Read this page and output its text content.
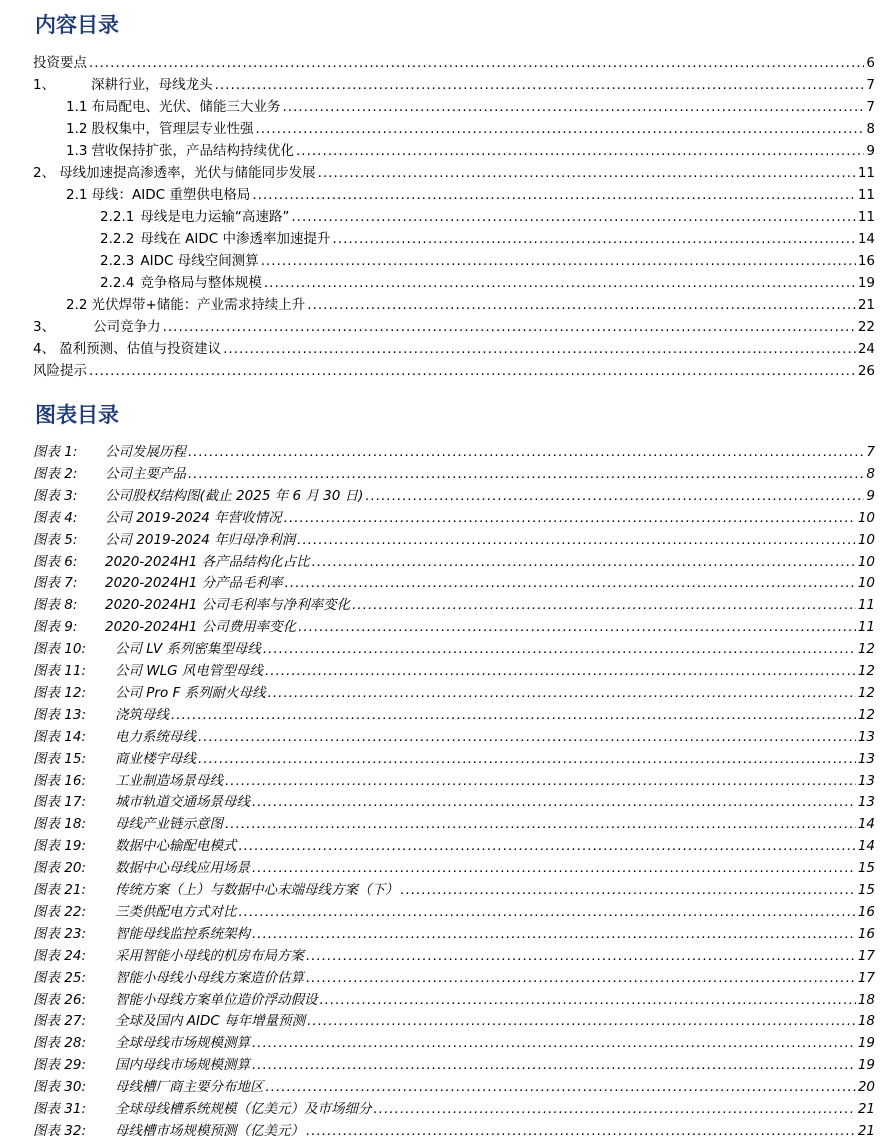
内容目录
投资要点 .....	6
1、	深耕行业，母线龙头 .....	7
1.1 布局配电、光伏、储能三大业务 .....	7
1.2 股权集中，管理层专业性强 .....	8
1.3 营收保持扩张，产品结构持续优化 .....	9
2、 母线加速提高渗透率，光伏与储能同步发展 .....	11
2.1 母线：AIDC 重塑供电格局 .....	11
2.2.1 母线是电力运输“高速路” .....	11
2.2.2 母线在 AIDC 中渗透率加速提升 .....	14
2.2.3 AIDC 母线空间测算 .....	16
2.2.4 竞争格局与整体规模 .....	19
2.2 光伏焊带+储能：产业需求持续上升 .....	21
3、	公司竞争力 .....	22
4、 盈利预测、估值与投资建议 .....	24
风险提示 .....	26
图表目录
图表 1:	公司发展历程 .....	7
图表 2:	公司主要产品 .....	8
图表 3:	公司股权结构图(截止 2025 年 6 月 30 日) .....	9
图表 4:	公司 2019-2024 年营收情况 .....	10
图表 5:	公司 2019-2024 年归母净利润 .....	10
图表 6:	2020-2024H1 各产品结构化占比 .....	10
图表 7:	2020-2024H1 分产品毛利率 .....	10
图表 8:	2020-2024H1 公司毛利率与净利率变化 .....	11
图表 9:	2020-2024H1 公司费用率变化 .....	11
图表 10:	公司 LV 系列密集型母线 .....	12
图表 11:	公司 WLG 风电管型母线 .....	12
图表 12:	公司 Pro F 系列耐火母线 .....	12
图表 13:	浇筑母线 .....	12
图表 14:	电力系统母线 .....	13
图表 15:	商业楼宇母线 .....	13
图表 16:	工业制造场景母线 .....	13
图表 17:	城市轨道交通场景母线 .....	13
图表 18:	母线产业链示意图 .....	14
图表 19:	数据中心输配电模式 .....	14
图表 20:	数据中心母线应用场景 .....	15
图表 21:	传统方案（上）与数据中心末端母线方案（下） .....	15
图表 22:	三类供配电方式对比 .....	16
图表 23:	智能母线监控系统架构 .....	16
图表 24:	采用智能小母线的机房布局方案 .....	17
图表 25:	智能小母线小母线方案造价估算 .....	17
图表 26:	智能小母线方案单位造价浮动假设 .....	18
图表 27:	全球及国内 AIDC 每年增量预测 .....	18
图表 28:	全球母线市场规模测算 .....	19
图表 29:	国内母线市场规模测算 .....	19
图表 30:	母线槽厂商主要分布地区 .....	20
图表 31:	全球母线槽系统规模（亿美元）及市场细分 .....	21
图表 32:	母线槽市场规模预测（亿美元） .....	21
